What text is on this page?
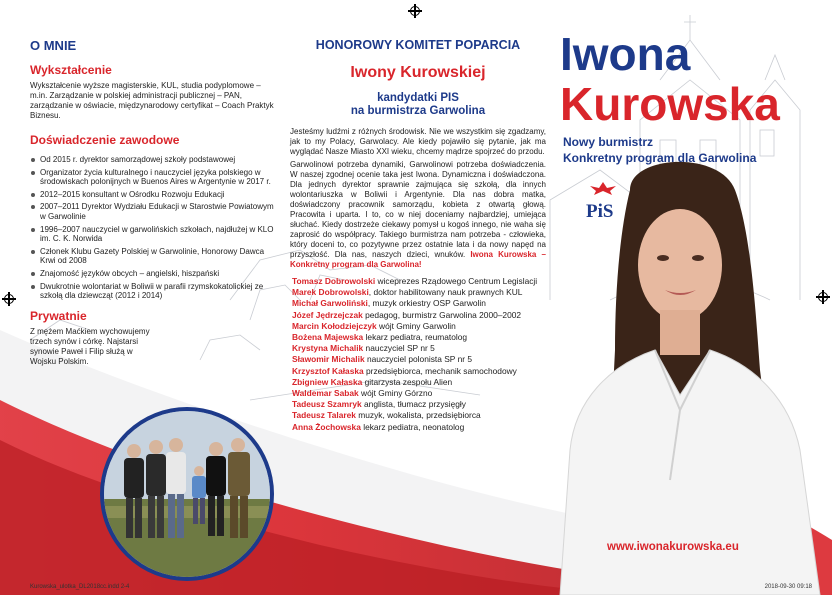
O MNIE
Wykształcenie
Wykształcenie wyższe magisterskie, KUL, studia podyplomowe – m.in. Zarządzanie w polskiej administracji publicznej – PAN, zarządzanie w oświacie, międzynarodowy certyfikat – Coach Praktyk Biznesu.
Doświadczenie zawodowe
Od 2015 r. dyrektor samorządowej szkoły podstawowej
Organizator życia kulturalnego i nauczyciel języka polskiego w środowiskach polonijnych w Buenos Aires w Argentynie w 2017 r.
2012–2015 konsultant w Ośrodku Rozwoju Edukacji
2007–2011 Dyrektor Wydziału Edukacji w Starostwie Powiatowym w Garwolinie
1996–2007 nauczyciel w garwolińskich szkołach, najdłużej w KLO im. C. K. Norwida
Członek Klubu Gazety Polskiej w Garwolinie, Honorowy Dawca Krwi od 2008
Znajomość języków obcych – angielski, hiszpański
Dwukrotnie wolontariat w Boliwii w parafii rzymskokatolickiej ze szkołą dla dziewcząt (2012 i 2014)
Prywatnie
Z mężem Maćkiem wychowujemy trzech synów i córkę. Najstarsi synowie Paweł i Filip służą w Wojsku Polskim.
HONOROWY KOMITET POPARCIA
Iwony Kurowskiej
kandydatki PIS
na burmistrza Garwolina
Jesteśmy ludźmi z różnych środowisk. Nie we wszystkim się zgadzamy, jak to my Polacy, Garwolacy. Ale kiedy pojawiło się pytanie, jak ma wyglądać Nasze Miasto XXI wieku, chcemy mądrze spojrzeć do przodu.
Garwolinowi potrzeba dynamiki, Garwolinowi potrzeba doświadczenia. W naszej zgodnej ocenie taka jest Iwona. Dynamiczna i doświadczona. Dla jednych dyrektor sprawnie zajmująca się szkołą, dla innych wolontariuszka w Boliwii i Argentynie. Dla nas dobra matka, doświadczony pracownik samorządu, kobieta z otwartą głową. Pracowita i uparta. I to, co w niej doceniamy najbardziej, umiejąca słuchać. Kiedy dostrzeże ciekawy pomysł u kogoś innego, nie waha się zaprosić do współpracy. Takiego burmistrza nam potrzeba - człowieka, który doceni to, co pozytywne przez ostatnie lata i da nowy napęd na przyszłość. Dla nas, naszych dzieci, wnuków. Iwona Kurowska – Konkretny program dla Garwolina!
Tomasz Dobrowolski wiceprezes Rządowego Centrum Legislacji
Marek Dobrowolski, doktor habilitowany nauk prawnych KUL
Michał Garwoliński, muzyk orkiestry OSP Garwolin
Józef Jędrzejczak pedagog, burmistrz Garwolina 2000–2002
Marcin Kołodziejczyk wójt Gminy Garwolin
Bożena Majewska lekarz pediatra, reumatolog
Krystyna Michalik nauczyciel SP nr 5
Sławomir Michalik nauczyciel polonista SP nr 5
Krzysztof Kałaska przedsiębiorca, mechanik samochodowy
Zbigniew Kałaska gitarzysta zespołu Alien
Waldemar Sabak wójt Gminy Górzno
Tadeusz Szamryk anglista, tłumacz przysięgły
Tadeusz Talarek muzyk, wokalista, przedsiębiorca
Anna Żochowska lekarz pediatra, neonatolog
Iwona
Kurowska
Nowy burmistrz
Konkretny program dla Garwolina
PiS
www.iwonakurowska.eu
Kurowska_ulotka_DL2018cc.indd 2-4	2018-09-30 09:18
